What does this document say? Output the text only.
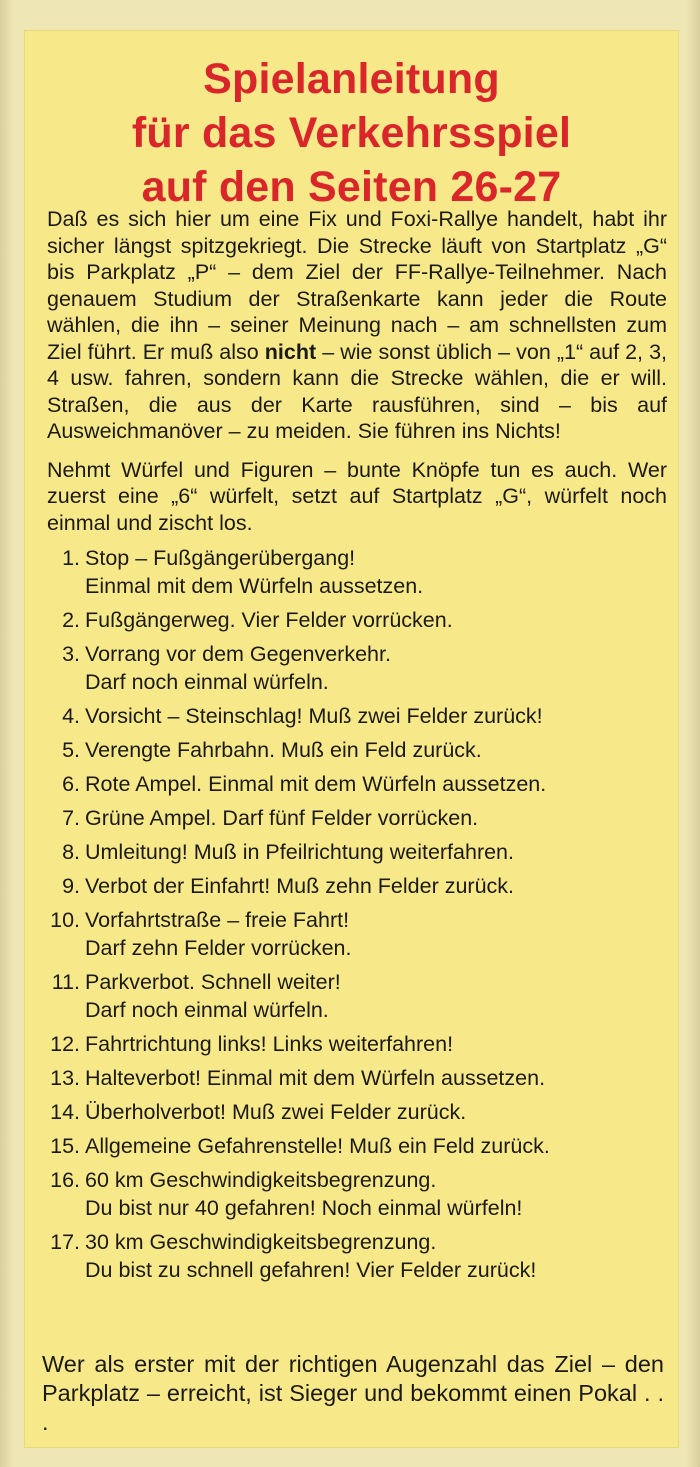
Spielanleitung
für das Verkehrsspiel
auf den Seiten 26-27
Daß es sich hier um eine Fix und Foxi-Rallye handelt, habt ihr sicher längst spitzgekriegt. Die Strecke läuft von Startplatz „G“ bis Parkplatz „P“ – dem Ziel der FF-Rallye-Teilnehmer. Nach genauem Studium der Straßenkarte kann jeder die Route wählen, die ihn – seiner Meinung nach – am schnellsten zum Ziel führt. Er muß also nicht – wie sonst üblich – von „1“ auf 2, 3, 4 usw. fahren, sondern kann die Strecke wählen, die er will. Straßen, die aus der Karte rausführen, sind – bis auf Ausweichmanöver – zu meiden. Sie führen ins Nichts!
Nehmt Würfel und Figuren – bunte Knöpfe tun es auch. Wer zuerst eine „6“ würfelt, setzt auf Startplatz „G“, würfelt noch einmal und zischt los.
1. Stop – Fußgängerübergang!
Einmal mit dem Würfeln aussetzen.
2. Fußgängerweg. Vier Felder vorrücken.
3. Vorrang vor dem Gegenverkehr.
Darf noch einmal würfeln.
4. Vorsicht – Steinschlag! Muß zwei Felder zurück!
5. Verengte Fahrbahn. Muß ein Feld zurück.
6. Rote Ampel. Einmal mit dem Würfeln aussetzen.
7. Grüne Ampel. Darf fünf Felder vorrücken.
8. Umleitung! Muß in Pfeilrichtung weiterfahren.
9. Verbot der Einfahrt! Muß zehn Felder zurück.
10. Vorfahrtstraße – freie Fahrt!
Darf zehn Felder vorrücken.
11. Parkverbot. Schnell weiter!
Darf noch einmal würfeln.
12. Fahrtrichtung links! Links weiterfahren!
13. Halteverbot! Einmal mit dem Würfeln aussetzen.
14. Überholverbot! Muß zwei Felder zurück.
15. Allgemeine Gefahrenstelle! Muß ein Feld zurück.
16. 60 km Geschwindigkeitsbegrenzung.
Du bist nur 40 gefahren! Noch einmal würfeln!
17. 30 km Geschwindigkeitsbegrenzung.
Du bist zu schnell gefahren! Vier Felder zurück!
Wer als erster mit der richtigen Augenzahl das Ziel – den Parkplatz – erreicht, ist Sieger und bekommt einen Pokal . . .
